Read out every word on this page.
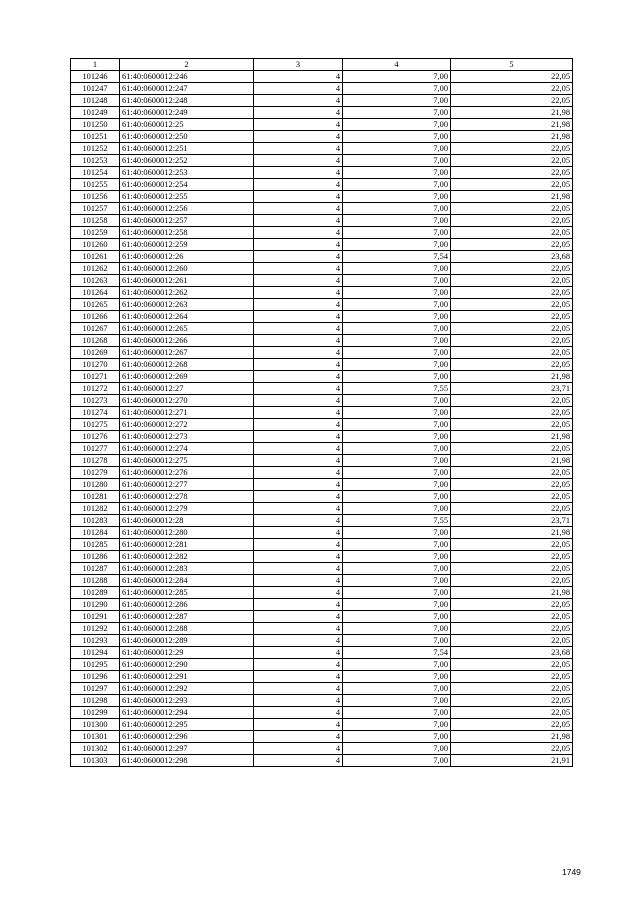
1	2	3	4	5
101246	61:40:0600012:246	4	7,00	22,05
101247	61:40:0600012:247	4	7,00	22,05
101248	61:40:0600012:248	4	7,00	22,05
101249	61:40:0600012:249	4	7,00	21,98
101250	61:40:0600012:25	4	7,00	21,98
101251	61:40:0600012:250	4	7,00	21,98
101252	61:40:0600012:251	4	7,00	22,05
101253	61:40:0600012:252	4	7,00	22,05
101254	61:40:0600012:253	4	7,00	22,05
101255	61:40:0600012:254	4	7,00	22,05
101256	61:40:0600012:255	4	7,00	21,98
101257	61:40:0600012:256	4	7,00	22,05
101258	61:40:0600012:257	4	7,00	22,05
101259	61:40:0600012:258	4	7,00	22,05
101260	61:40:0600012:259	4	7,00	22,05
101261	61:40:0600012:26	4	7,54	23,68
101262	61:40:0600012:260	4	7,00	22,05
101263	61:40:0600012:261	4	7,00	22,05
101264	61:40:0600012:262	4	7,00	22,05
101265	61:40:0600012:263	4	7,00	22,05
101266	61:40:0600012:264	4	7,00	22,05
101267	61:40:0600012:265	4	7,00	22,05
101268	61:40:0600012:266	4	7,00	22,05
101269	61:40:0600012:267	4	7,00	22,05
101270	61:40:0600012:268	4	7,00	22,05
101271	61:40:0600012:269	4	7,00	21,98
101272	61:40:0600012:27	4	7,55	23,71
101273	61:40:0600012:270	4	7,00	22,05
101274	61:40:0600012:271	4	7,00	22,05
101275	61:40:0600012:272	4	7,00	22,05
101276	61:40:0600012:273	4	7,00	21,98
101277	61:40:0600012:274	4	7,00	22,05
101278	61:40:0600012:275	4	7,00	21,98
101279	61:40:0600012:276	4	7,00	22,05
101280	61:40:0600012:277	4	7,00	22,05
101281	61:40:0600012:278	4	7,00	22,05
101282	61:40:0600012:279	4	7,00	22,05
101283	61:40:0600012:28	4	7,55	23,71
101284	61:40:0600012:280	4	7,00	21,98
101285	61:40:0600012:281	4	7,00	22,05
101286	61:40:0600012:282	4	7,00	22,05
101287	61:40:0600012:283	4	7,00	22,05
101288	61:40:0600012:284	4	7,00	22,05
101289	61:40:0600012:285	4	7,00	21,98
101290	61:40:0600012:286	4	7,00	22,05
101291	61:40:0600012:287	4	7,00	22,05
101292	61:40:0600012:288	4	7,00	22,05
101293	61:40:0600012:289	4	7,00	22,05
101294	61:40:0600012:29	4	7,54	23,68
101295	61:40:0600012:290	4	7,00	22,05
101296	61:40:0600012:291	4	7,00	22,05
101297	61:40:0600012:292	4	7,00	22,05
101298	61:40:0600012:293	4	7,00	22,05
101299	61:40:0600012:294	4	7,00	22,05
101300	61:40:0600012:295	4	7,00	22,05
101301	61:40:0600012:296	4	7,00	21,98
101302	61:40:0600012:297	4	7,00	22,05
101303	61:40:0600012:298	4	7,00	21,91
1749
